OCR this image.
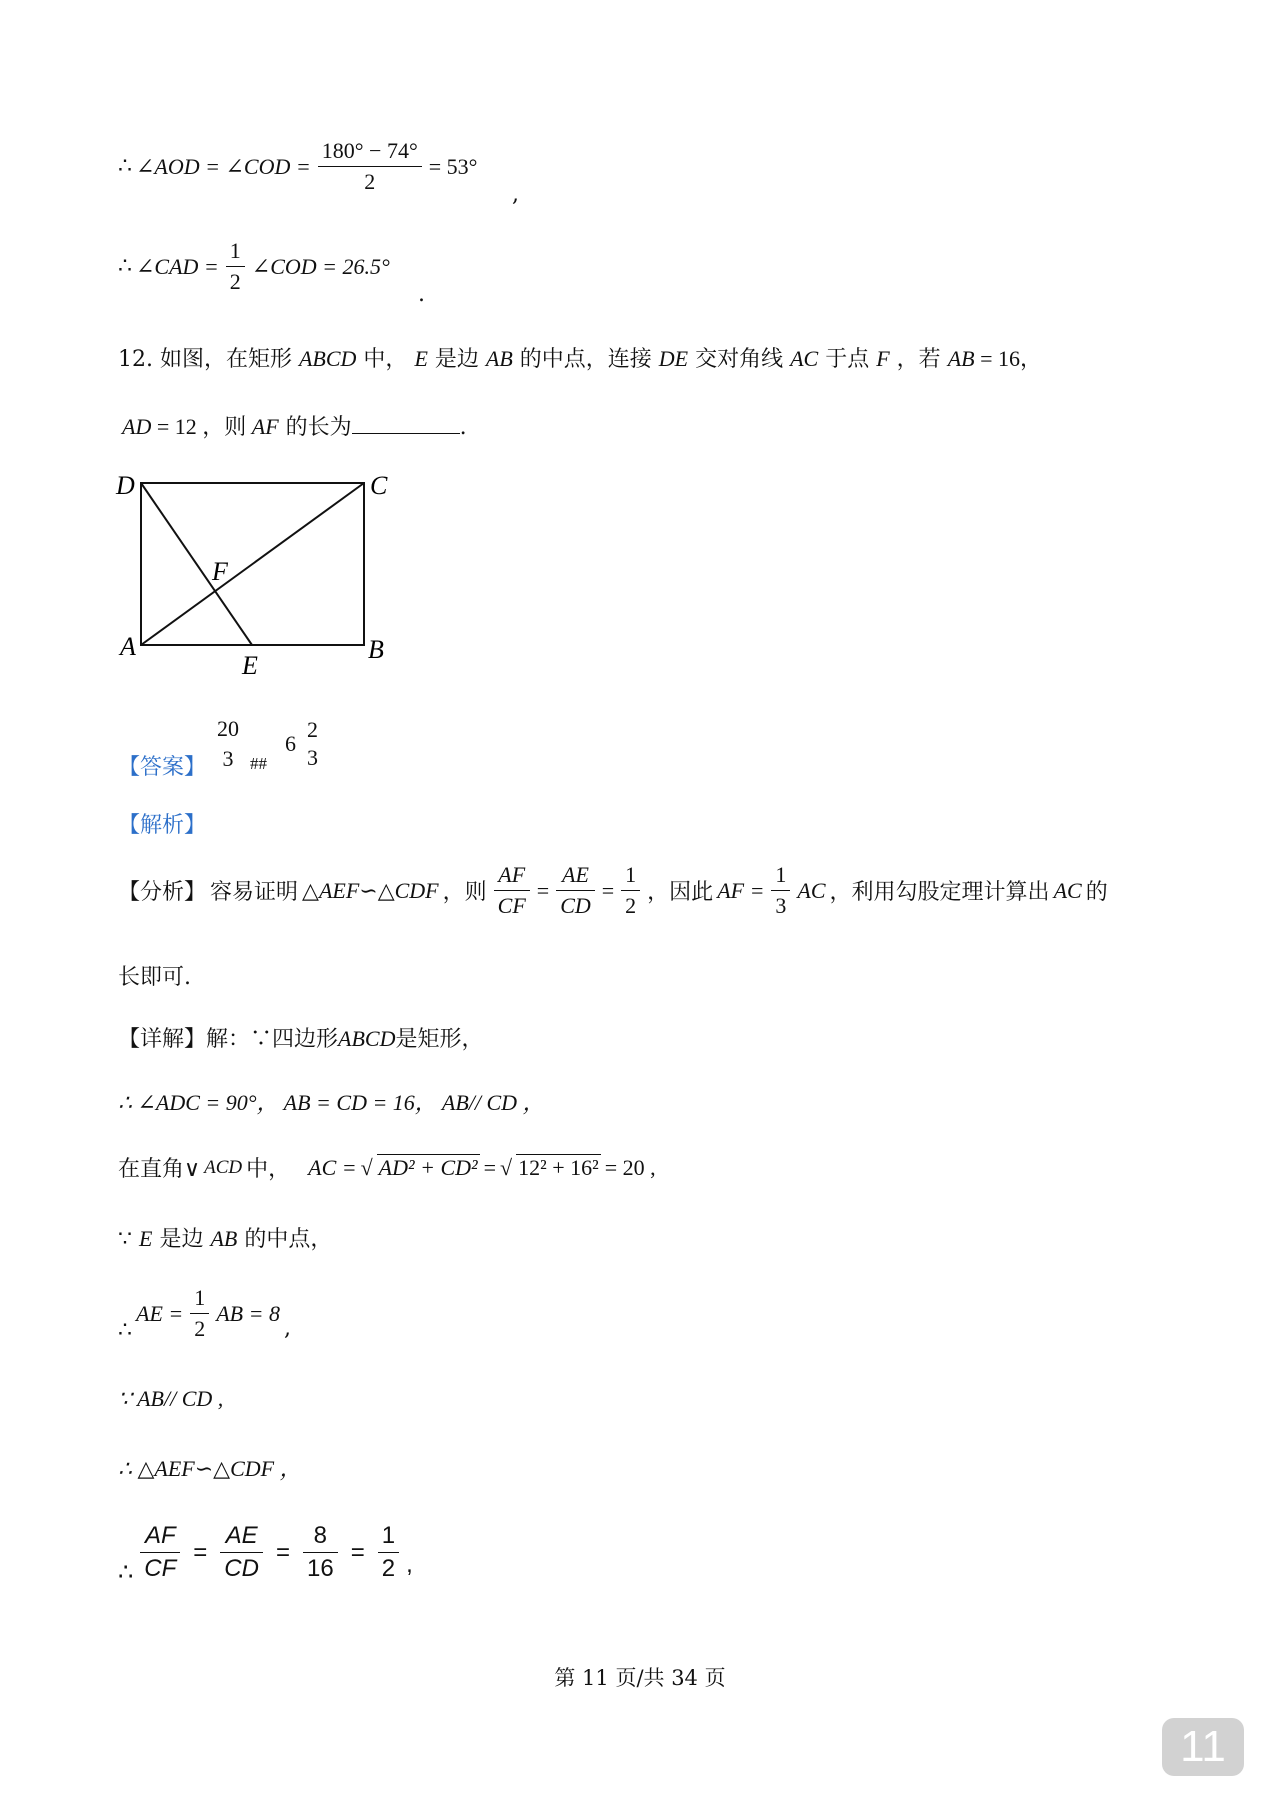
∴ ∠AOD = ∠COD = $\frac{180^\circ - 74^\circ}{2} = 53^\circ$
,
∴ ∠CAD = $\frac{1}{2}$ ∠COD = 26.5°
.
12. 如图，在矩形 ABCD 中， E 是边 AB 的中点，连接 DE 交对角线 AC 于点 F ，若 AB = 16，
AD = 12 ，则 AF 的长为	.
D	C
A	B
E
F
【答案】
20
3 ##
6
2
3
【解析】
【分析】 容易证明 △AEF∽△CDF ，则 $\frac{AF}{CF} = \frac{AE}{CD} = \frac{1}{2}$ ，因此 AF = $\frac{1}{3}$ AC ，利用勾股定理计算出 AC 的
长即可.
【详解】解：∵四边形ABCD是矩形，
∴ ∠ADC = 90°， AB = CD = 16， AB// CD ，
在直角∨ ACD 中， AC = √ AD² + CD² = √ 12² + 16² = 20 ,
∵ E 是边 AB 的中点，
∴
AE = $\frac{1}{2}$ AB = 8
,
∵ AB// CD ,
∴ △AEF∽△CDF ，
∴ $\frac{AF}{CF} = \frac{AE}{CD} = \frac{8}{16} = \frac{1}{2}$ ,
第 11 页/共 34 页
11
